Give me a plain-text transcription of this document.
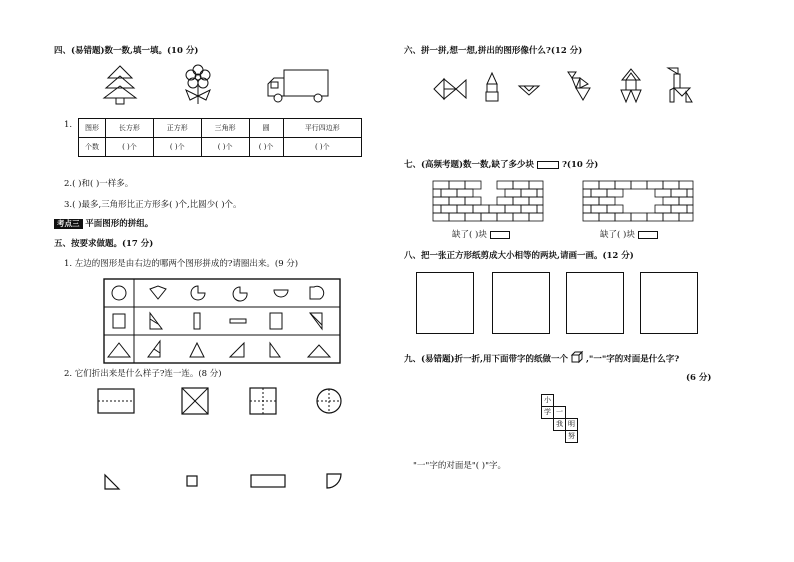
四、(易错题)数一数,填一填。(10 分)
1. 图形	长方形	正方形	三角形	圆	平行四边形
个数	( )个	( )个	( )个	( )个	( )个
2.( )和( )一样多。
3.( )最多,三角形比正方形多( )个,比圆少( )个。
考点三 平面图形的拼组。
五、按要求做题。(17 分)
1. 左边的图形是由右边的哪两个图形拼成的?请圈出来。(9 分)
2. 它们折出来是什么样子?连一连。(8 分)
六、拼一拼,想一想,拼出的图形像什么?(12 分)
七、(高频考题)数一数,缺了多少块	?(10 分)
缺了( )块	缺了( )块
八、把一张正方形纸剪成大小相等的两块,请画一画。(12 分)
九、(易错题)折一折,用下面带字的纸做一个 ,"一"字的对面是什么字?
(6 分)
小
学 一
我 明
努
"一"字的对面是"( )"字。
